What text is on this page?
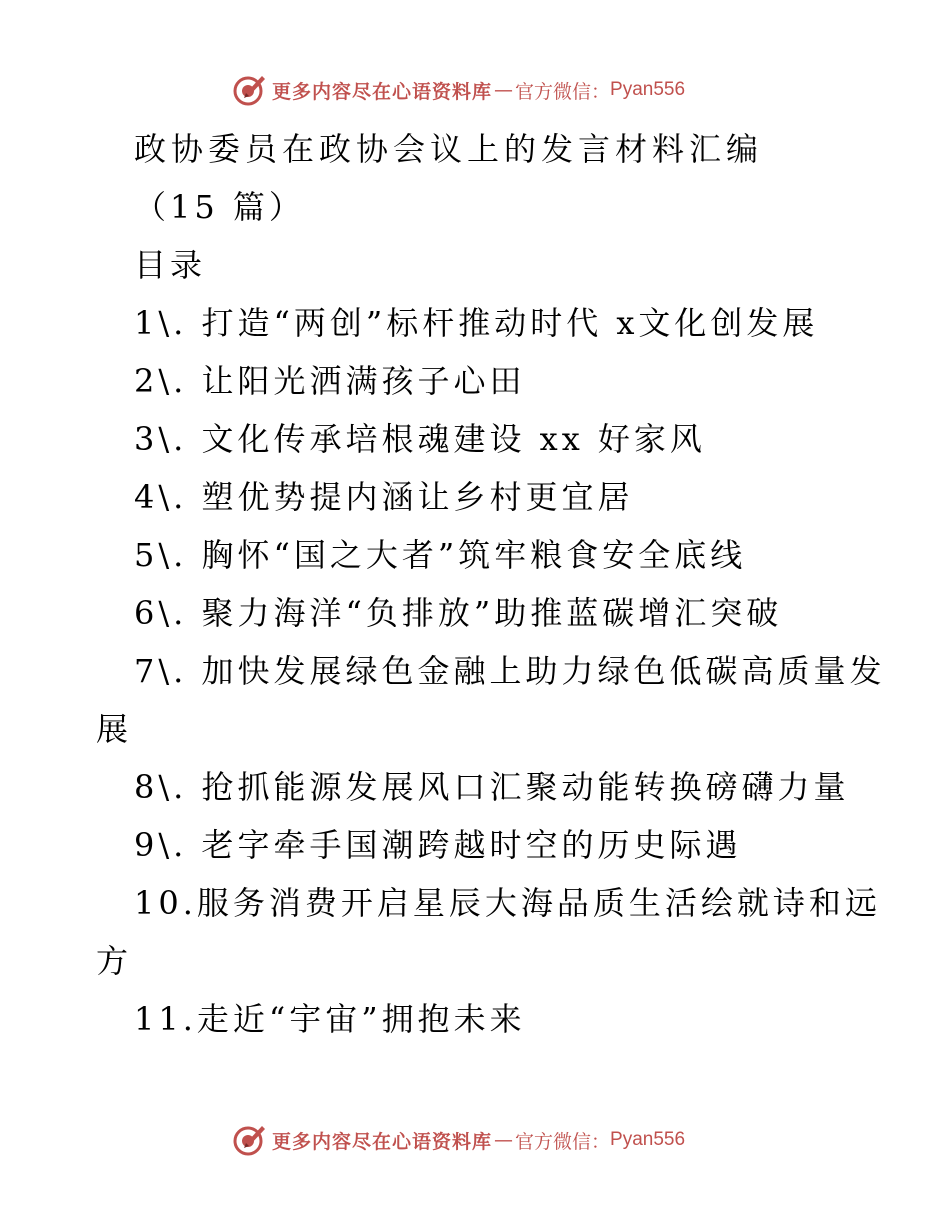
更多内容尽在心语资料库 — 官方微信： Pyan556
政协委员在政协会议上的发言材料汇编
（15 篇）
目录
1\. 打造“两创”标杆推动时代 x文化创发展
2\. 让阳光洒满孩子心田
3\. 文化传承培根魂建设 xx 好家风
4\. 塑优势提内涵让乡村更宜居
5\. 胸怀“国之大者”筑牢粮食安全底线
6\. 聚力海洋“负排放”助推蓝碳增汇突破
7\. 加快发展绿色金融上助力绿色低碳高质量发
展
8\. 抢抓能源发展风口汇聚动能转换磅礴力量
9\. 老字牵手国潮跨越时空的历史际遇
10.服务消费开启星辰大海品质生活绘就诗和远
方
11.走近“宇宙”拥抱未来
更多内容尽在心语资料库 — 官方微信： Pyan556
